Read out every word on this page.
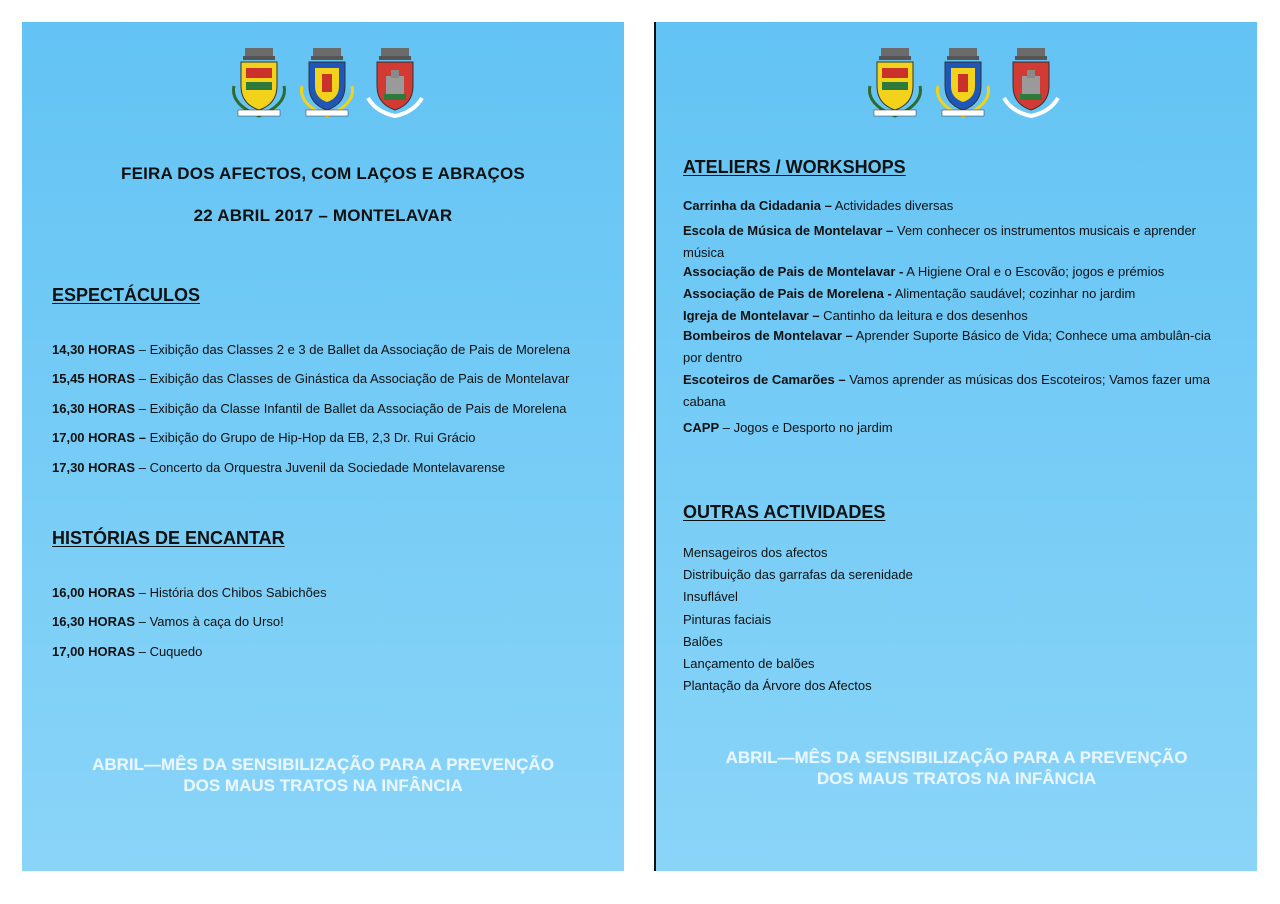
FEIRA DOS AFECTOS, COM LAÇOS E ABRAÇOS
22 ABRIL 2017 – MONTELAVAR
ESPECTÁCULOS
14,30 HORAS – Exibição das Classes 2 e 3 de Ballet da Associação de Pais de Morelena
15,45 HORAS – Exibição das Classes de Ginástica da Associação de Pais de Montelavar
16,30 HORAS – Exibição da Classe Infantil de Ballet da Associação de Pais de Morelena
17,00 HORAS – Exibição do Grupo de Hip-Hop da EB, 2,3 Dr. Rui Grácio
17,30 HORAS – Concerto da Orquestra Juvenil da Sociedade Montelavarense
HISTÓRIAS DE ENCANTAR
16,00 HORAS – História dos Chibos Sabichões
16,30 HORAS – Vamos à caça do Urso!
17,00 HORAS – Cuquedo
ABRIL—MÊS DA SENSIBILIZAÇÃO PARA A PREVENÇÃO
DOS MAUS TRATOS NA INFÂNCIA
ATELIERS / WORKSHOPS
Carrinha da Cidadania – Actividades diversas
Escola de Música de Montelavar – Vem conhecer os instrumentos musicais e aprender música
Associação de Pais de Montelavar - A Higiene Oral e o Escovão; jogos e prémios
Associação de Pais de Morelena - Alimentação saudável; cozinhar no jardim
Igreja de Montelavar – Cantinho da leitura e dos desenhos
Bombeiros de Montelavar – Aprender Suporte Básico de Vida; Conhece uma ambulân-cia por dentro
Escoteiros de Camarões – Vamos aprender as músicas dos Escoteiros; Vamos fazer uma cabana
CAPP – Jogos e Desporto no jardim
OUTRAS ACTIVIDADES
Mensageiros dos afectos
Distribuição das garrafas da serenidade
Insuflável
Pinturas faciais
Balões
Lançamento de balões
Plantação da Árvore dos Afectos
ABRIL—MÊS DA SENSIBILIZAÇÃO PARA A PREVENÇÃO
DOS MAUS TRATOS NA INFÂNCIA
